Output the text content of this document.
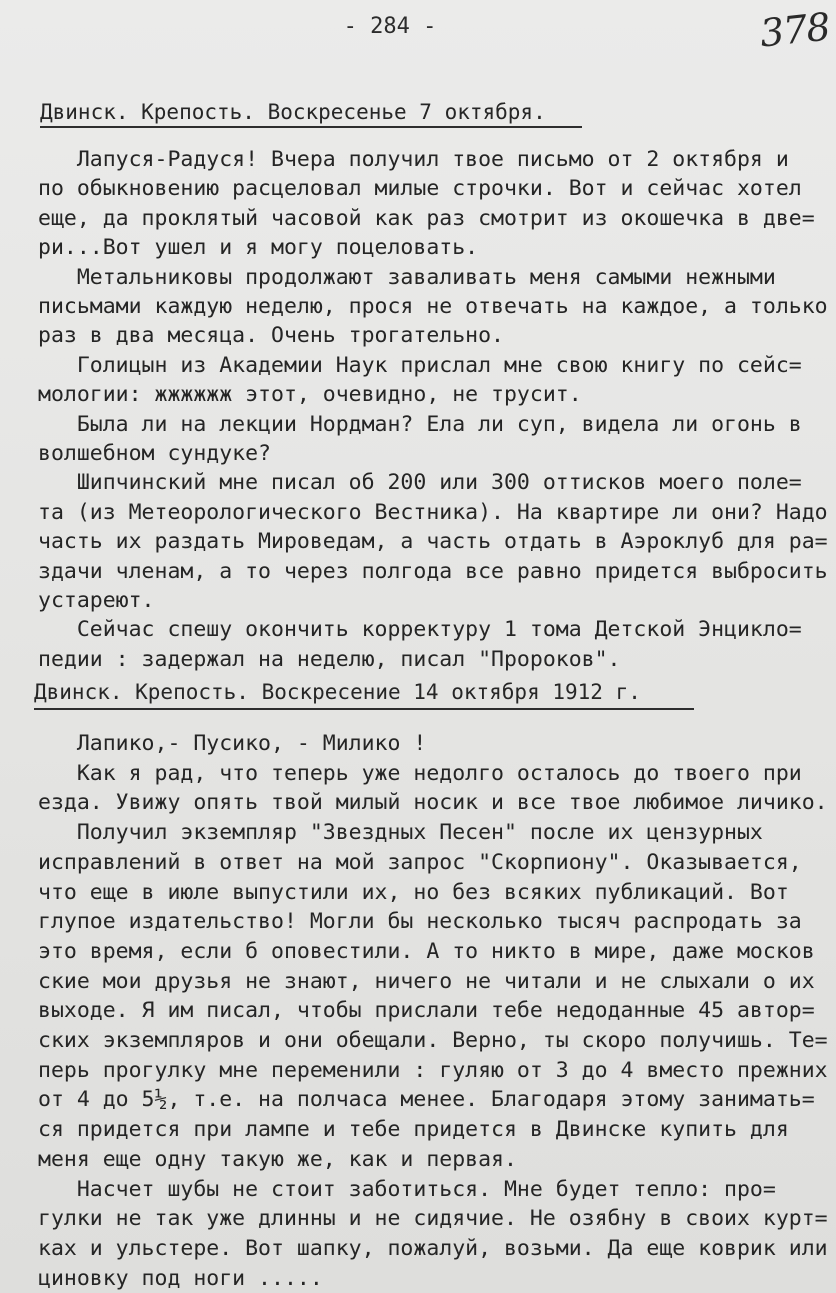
- 284 -	378
Двинск. Крепость. Воскресенье 7 октября.
Лапуся-Радуся! Вчера получил твое письмо от 2 октября и
по обыкновению расцеловал милые строчки. Вот и сейчас хотел
еще, да проклятый часовой как раз смотрит из окошечка в две=
ри...Вот ушел и я могу поцеловать.
Метальниковы продолжают заваливать меня самыми нежными
письмами каждую неделю, прося не отвечать на каждое, а только
раз в два месяца. Очень трогательно.
Голицын из Академии Наук прислал мне свою книгу по сейс=
мологии: жжжжжж этот, очевидно, не трусит.
Была ли на лекции Нордман? Ела ли суп, видела ли огонь в
волшебном сундуке?
Шипчинский мне писал об 200 или 300 оттисков моего поле=
та (из Метеорологического Вестника). На квартире ли они? Надо
часть их раздать Мироведам, а часть отдать в Аэроклуб для ра=
здачи членам, а то через полгода все равно придется выбросить
устареют.
Сейчас спешу окончить корректуру 1 тома Детской Энцикло=
педии : задержал на неделю, писал "Пророков".
Двинск. Крепость. Воскресение 14 октября 1912 г.
Лапико,- Пусико, - Милико !
Как я рад, что теперь уже недолго осталось до твоего при
езда. Увижу опять твой милый носик и все твое любимое личико.
Получил экземпляр "Звездных Песен" после их цензурных
исправлений в ответ на мой запрос "Скорпиону". Оказывается,
что еще в июле выпустили их, но без всяких публикаций. Вот
глупое издательство! Могли бы несколько тысяч распродать за
это время, если б оповестили. А то никто в мире, даже москов
ские мои друзья не знают, ничего не читали и не слыхали о их
выходе. Я им писал, чтобы прислали тебе недоданные 45 автор=
ских экземпляров и они обещали. Верно, ты скоро получишь. Те=
перь прогулку мне переменили : гуляю от 3 до 4 вместо прежних
от 4 до 5½, т.е. на полчаса менее. Благодаря этому занимать=
ся придется при лампе и тебе придется в Двинске купить для
меня еще одну такую же, как и первая.
Насчет шубы не стоит заботиться. Мне будет тепло: про=
гулки не так уже длинны и не сидячие. Не озябну в своих курт=
ках и ульстере. Вот шапку, пожалуй, возьми. Да еще коврик или
циновку под ноги .....
